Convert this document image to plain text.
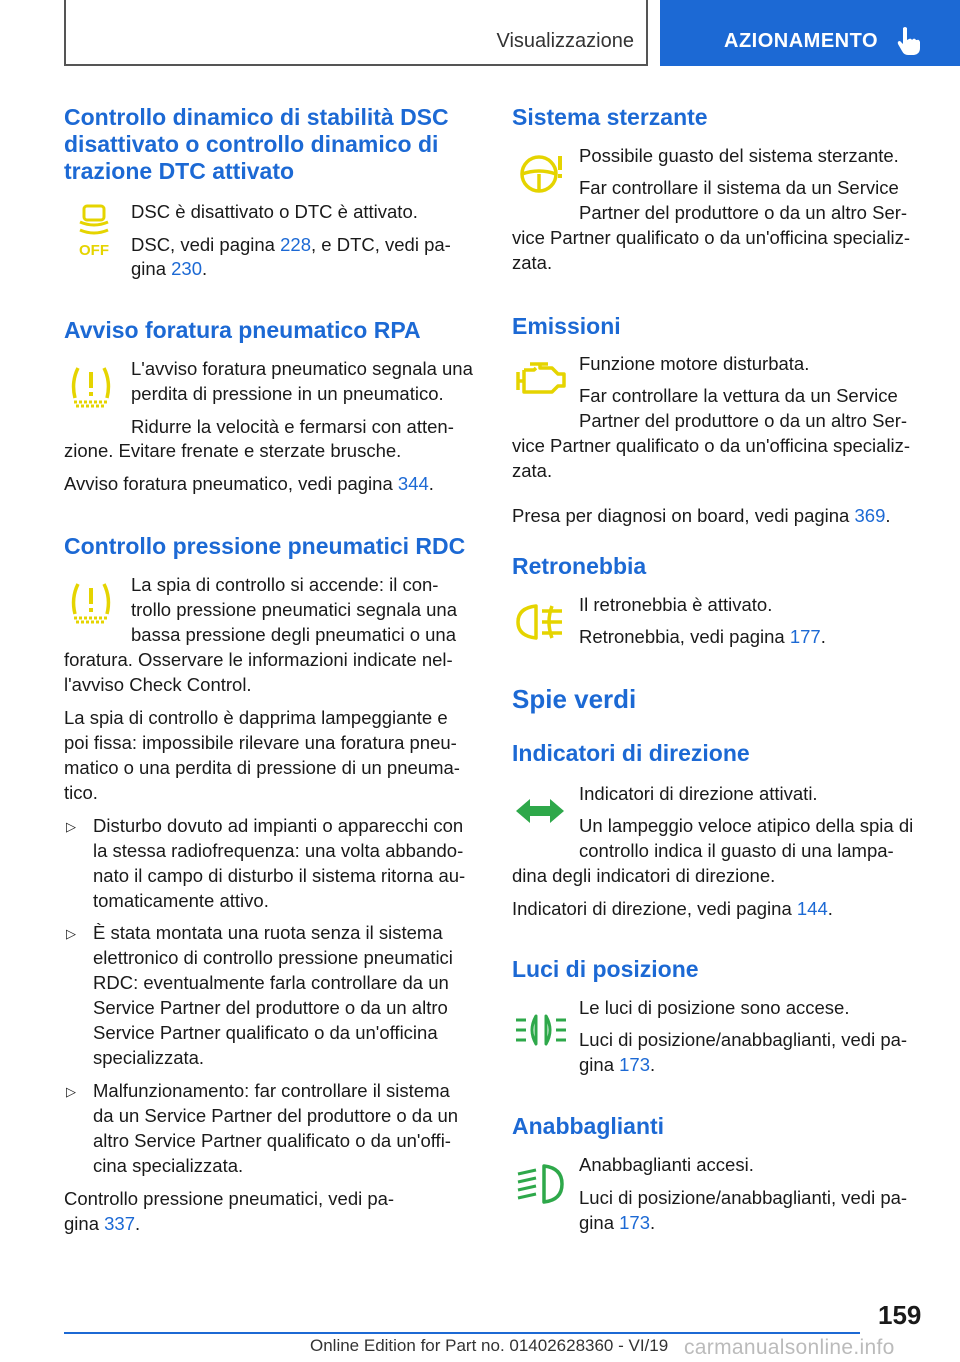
Visualizzazione	AZIONAMENTO
Controllo dinamico di stabilità DSC
disattivato o controllo dinamico di
trazione DTC attivato
OFF
DSC è disattivato o DTC è attivato.
DSC, vedi pagina 228, e DTC, vedi pa-
gina 230.
Avviso foratura pneumatico RPA
L'avviso foratura pneumatico segnala una
perdita di pressione in un pneumatico.
Ridurre la velocità e fermarsi con atten-
zione. Evitare frenate e sterzate brusche.
Avviso foratura pneumatico, vedi pagina 344.
Controllo pressione pneumatici RDC
La spia di controllo si accende: il con-
trollo pressione pneumatici segnala una
bassa pressione degli pneumatici o una
foratura. Osservare le informazioni indicate nel-
l'avviso Check Control.
La spia di controllo è dapprima lampeggiante e
poi fissa: impossibile rilevare una foratura pneu-
matico o una perdita di pressione di un pneuma-
tico.
▷ Disturbo dovuto ad impianti o apparecchi con
la stessa radiofrequenza: una volta abbando-
nato il campo di disturbo il sistema ritorna au-
tomaticamente attivo.
▷ È stata montata una ruota senza il sistema
elettronico di controllo pressione pneumatici
RDC: eventualmente farla controllare da un
Service Partner del produttore o da un altro
Service Partner qualificato o da un'officina
specializzata.
▷ Malfunzionamento: far controllare il sistema
da un Service Partner del produttore o da un
altro Service Partner qualificato o da un'offi-
cina specializzata.
Controllo pressione pneumatici, vedi pa-
gina 337.
Sistema sterzante
Possibile guasto del sistema sterzante.
Far controllare il sistema da un Service
Partner del produttore o da un altro Ser-
vice Partner qualificato o da un'officina specializ-
zata.
Emissioni
Funzione motore disturbata.
Far controllare la vettura da un Service
Partner del produttore o da un altro Ser-
vice Partner qualificato o da un'officina specializ-
zata.
Presa per diagnosi on board, vedi pagina 369.
Retronebbia
Il retronebbia è attivato.
Retronebbia, vedi pagina 177.
Spie verdi
Indicatori di direzione
Indicatori di direzione attivati.
Un lampeggio veloce atipico della spia di
controllo indica il guasto di una lampa-
dina degli indicatori di direzione.
Indicatori di direzione, vedi pagina 144.
Luci di posizione
Le luci di posizione sono accese.
Luci di posizione/anabbaglianti, vedi pa-
gina 173.
Anabbaglianti
Anabbaglianti accesi.
Luci di posizione/anabbaglianti, vedi pa-
gina 173.
159
Online Edition for Part no. 01402628360 - VI/19 carmanualsonline.info
